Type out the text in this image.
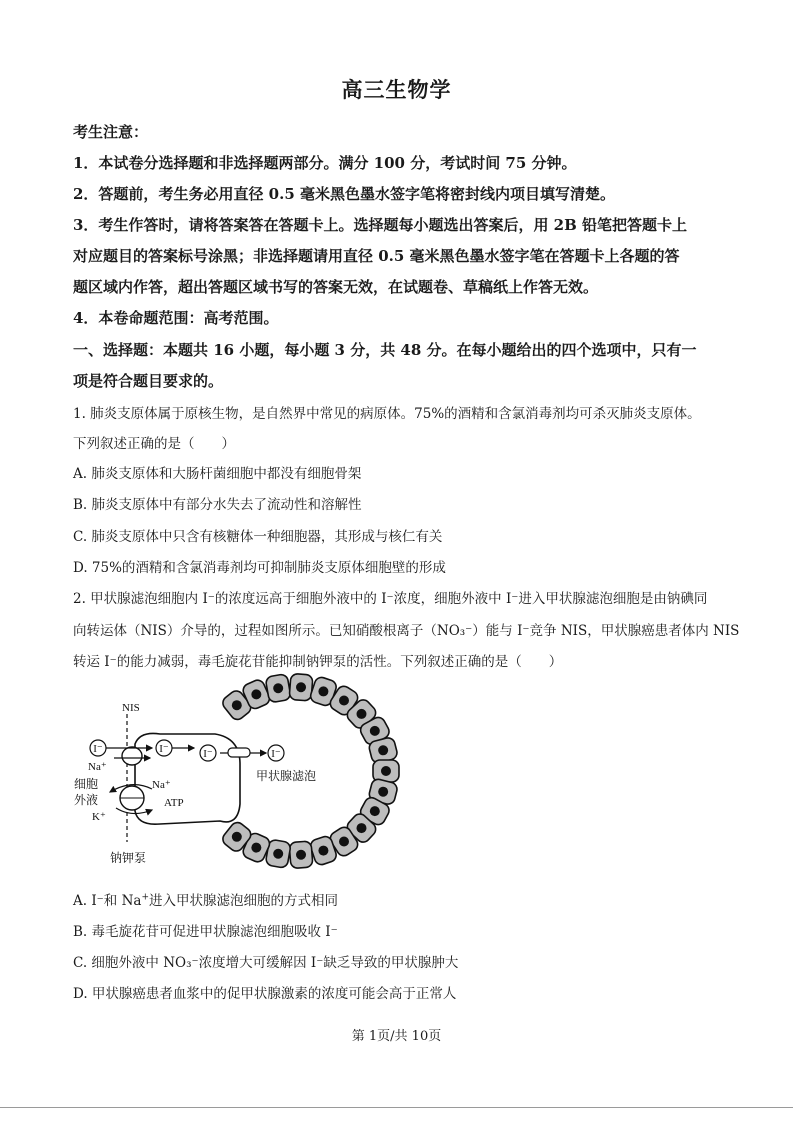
高三生物学
考生注意：
1．本试卷分选择题和非选择题两部分。满分 100 分，考试时间 75 分钟。
2．答题前，考生务必用直径 0.5 毫米黑色墨水签字笔将密封线内项目填写清楚。
3．考生作答时，请将答案答在答题卡上。选择题每小题选出答案后，用 2B 铅笔把答题卡上
对应题目的答案标号涂黑；非选择题请用直径 0.5 毫米黑色墨水签字笔在答题卡上各题的答
题区域内作答，超出答题区域书写的答案无效，在试题卷、草稿纸上作答无效。
4．本卷命题范围：高考范围。
一、选择题：本题共 16 小题，每小题 3 分，共 48 分。在每小题给出的四个选项中，只有一
项是符合题目要求的。
1. 肺炎支原体属于原核生物，是自然界中常见的病原体。75%的酒精和含氯消毒剂均可杀灭肺炎支原体。
下列叙述正确的是（　　）
A. 肺炎支原体和大肠杆菌细胞中都没有细胞骨架
B. 肺炎支原体中有部分水失去了流动性和溶解性
C. 肺炎支原体中只含有核糖体一种细胞器，其形成与核仁有关
D. 75%的酒精和含氯消毒剂均可抑制肺炎支原体细胞壁的形成
2. 甲状腺滤泡细胞内 I⁻的浓度远高于细胞外液中的 I⁻浓度，细胞外液中 I⁻进入甲状腺滤泡细胞是由钠碘同
向转运体（NIS）介导的，过程如图所示。已知硝酸根离子（NO₃⁻）能与 I⁻竞争 NIS，甲状腺癌患者体内 NIS
转运 I⁻的能力减弱，毒毛旋花苷能抑制钠钾泵的活性。下列叙述正确的是（　　）
I⁻	I⁻	I⁻	I⁻
NIS
Na⁺
Na⁺
ATP
K⁺
细胞
外液
钠钾泵
甲状腺滤泡
A. I⁻和 Na+进入甲状腺滤泡细胞的方式相同
B. 毒毛旋花苷可促进甲状腺滤泡细胞吸收 I⁻
C. 细胞外液中 NO₃⁻浓度增大可缓解因 I⁻缺乏导致的甲状腺肿大
D. 甲状腺癌患者血浆中的促甲状腺激素的浓度可能会高于正常人
第 1页/共 10页
